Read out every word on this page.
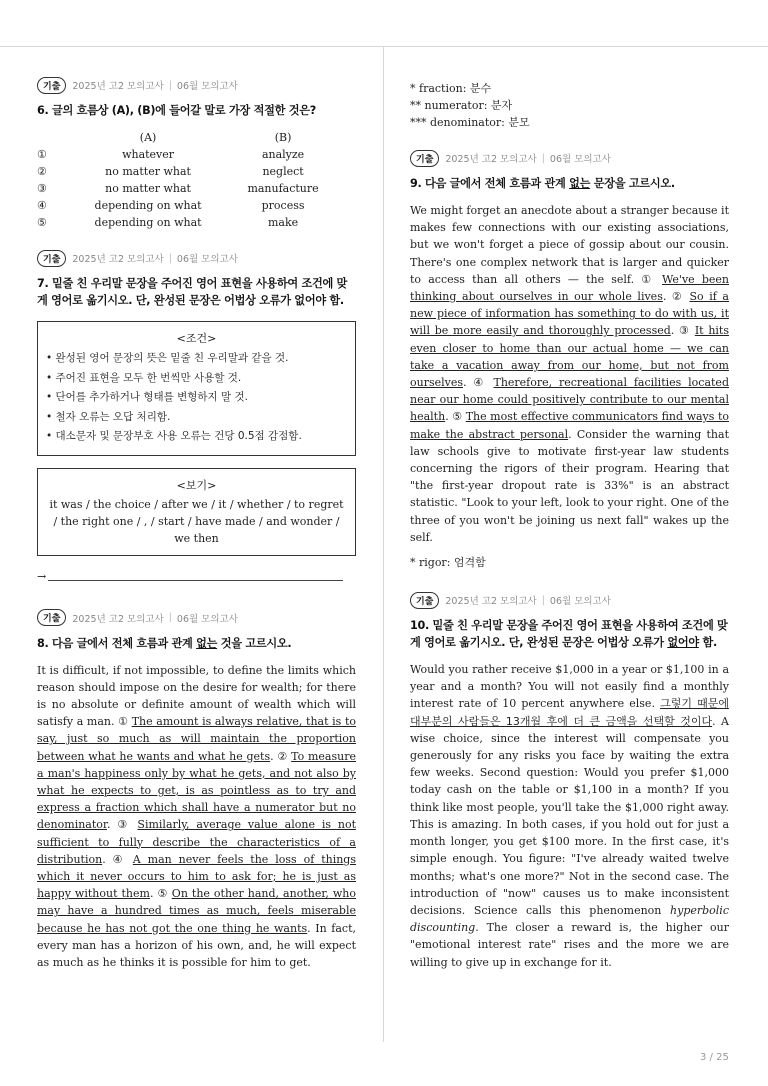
기출	2025년 고2 모의고사 | 06월 모의고사
6. 글의 흐름상 (A), (B)에 들어갈 말로 가장 적절한 것은?
	(A)	(B)
①	whatever	analyze
②	no matter what	neglect
③	no matter what	manufacture
④	depending on what	process
⑤	depending on what	make
기출	2025년 고2 모의고사 | 06월 모의고사
7. 밑줄 친 우리말 문장을 주어진 영어 표현을 사용하여 조건에 맞게 영어로 옮기시오. 단, 완성된 문장은 어법상 오류가 없어야 함.
<조건>
• 완성된 영어 문장의 뜻은 밑줄 친 우리말과 같을 것.
• 주어진 표현을 모두 한 번씩만 사용할 것.
• 단어를 추가하거나 형태를 변형하지 말 것.
• 철자 오류는 오답 처리함.
• 대소문자 및 문장부호 사용 오류는 건당 0.5점 감점함.
<보기>
it was / the choice / after we / it / whether / to regret / the right one / , / start / have made / and wonder / we then
→
기출	2025년 고2 모의고사 | 06월 모의고사
8. 다음 글에서 전체 흐름과 관계 없는 것을 고르시오.
It is difficult, if not impossible, to define the limits which reason should impose on the desire for wealth; for there is no absolute or definite amount of wealth which will satisfy a man. ① The amount is always relative, that is to say, just so much as will maintain the proportion between what he wants and what he gets. ② To measure a man's happiness only by what he gets, and not also by what he expects to get, is as pointless as to try and express a fraction which shall have a numerator but no denominator. ③ Similarly, average value alone is not sufficient to fully describe the characteristics of a distribution. ④ A man never feels the loss of things which it never occurs to him to ask for; he is just as happy without them. ⑤ On the other hand, another, who may have a hundred times as much, feels miserable because he has not got the one thing he wants. In fact, every man has a horizon of his own, and, he will expect as much as he thinks it is possible for him to get.
* fraction: 분수
** numerator: 분자
*** denominator: 분모
기출	2025년 고2 모의고사 | 06월 모의고사
9. 다음 글에서 전체 흐름과 관계 없는 문장을 고르시오.
We might forget an anecdote about a stranger because it makes few connections with our existing associations, but we won't forget a piece of gossip about our cousin. There's one complex network that is larger and quicker to access than all others — the self. ① We've been thinking about ourselves in our whole lives. ② So if a new piece of information has something to do with us, it will be more easily and thoroughly processed. ③ It hits even closer to home than our actual home — we can take a vacation away from our home, but not from ourselves. ④ Therefore, recreational facilities located near our home could positively contribute to our mental health. ⑤ The most effective communicators find ways to make the abstract personal. Consider the warning that law schools give to motivate first-year law students concerning the rigors of their program. Hearing that "the first-year dropout rate is 33%" is an abstract statistic. "Look to your left, look to your right. One of the three of you won't be joining us next fall" wakes up the self.
* rigor: 엄격함
기출	2025년 고2 모의고사 | 06월 모의고사
10. 밑줄 친 우리말 문장을 주어진 영어 표현을 사용하여 조건에 맞게 영어로 옮기시오. 단, 완성된 문장은 어법상 오류가 없어야 함.
Would you rather receive $1,000 in a year or $1,100 in a year and a month? You will not easily find a monthly interest rate of 10 percent anywhere else. 그렇기 때문에 대부분의 사람들은 13개월 후에 더 큰 금액을 선택할 것이다. A wise choice, since the interest will compensate you generously for any risks you face by waiting the extra few weeks. Second question: Would you prefer $1,000 today cash on the table or $1,100 in a month? If you think like most people, you'll take the $1,000 right away. This is amazing. In both cases, if you hold out for just a month longer, you get $100 more. In the first case, it's simple enough. You figure: "I've already waited twelve months; what's one more?" Not in the second case. The introduction of "now" causes us to make inconsistent decisions. Science calls this phenomenon hyperbolic discounting. The closer a reward is, the higher our "emotional interest rate" rises and the more we are willing to give up in exchange for it.
3 / 25
